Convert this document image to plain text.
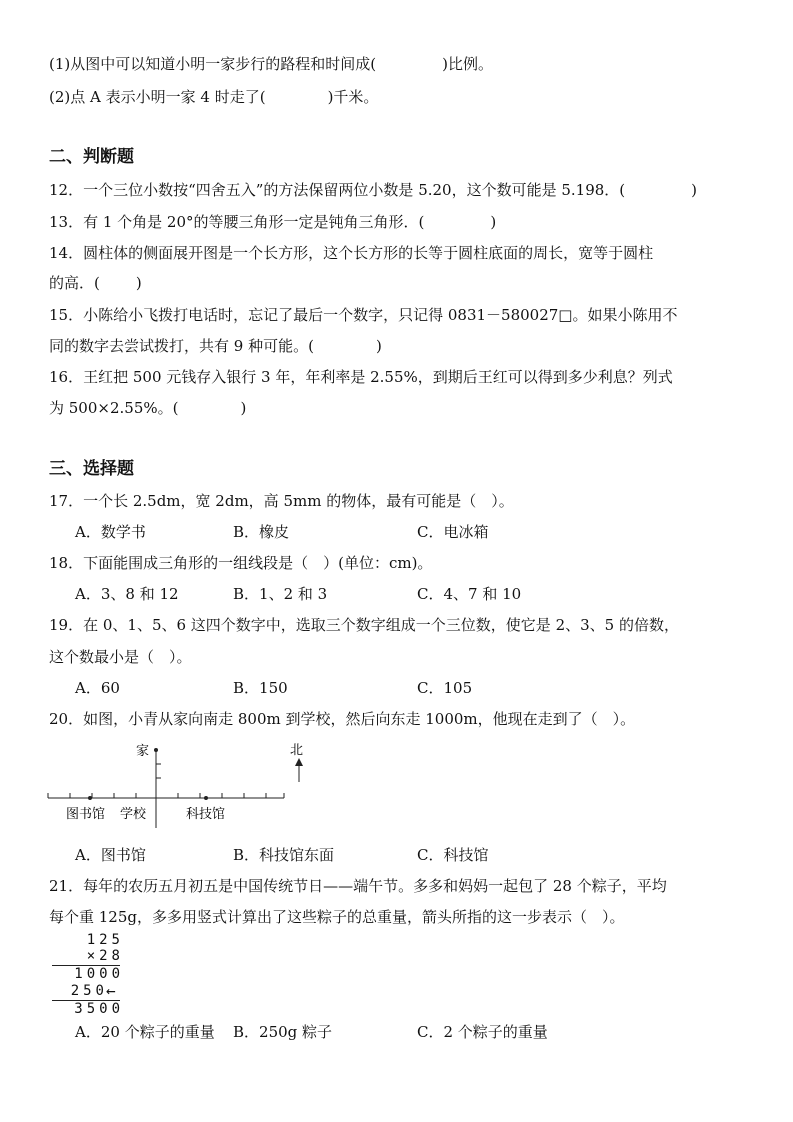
(1)从图中可以知道小明一家步行的路程和时间成(	)比例。
(2)点 A 表示小明一家 4 时走了(	)千米。
二、判断题
12．一个三位小数按“四舍五入”的方法保留两位小数是 5.20，这个数可能是 5.198．(	)
13．有 1 个角是 20°的等腰三角形一定是钝角三角形．(	)
14．圆柱体的侧面展开图是一个长方形，这个长方形的长等于圆柱底面的周长，宽等于圆柱
的高．( )
15．小陈给小飞拨打电话时，忘记了最后一个数字，只记得 0831－580027□。如果小陈用不
同的数字去尝试拨打，共有 9 种可能。(	)
16．王红把 500 元钱存入银行 3 年，年利率是 2.55%，到期后王红可以得到多少利息？列式
为 500×2.55%。(	)
三、选择题
17．一个长 2.5dm，宽 2dm，高 5mm 的物体，最有可能是（　）。
A．数学书	B．橡皮	C．电冰箱
18．下面能围成三角形的一组线段是（　）(单位：cm)。
A．3、8 和 12	B．1、2 和 3	C．4、7 和 10
19．在 0、1、5、6 这四个数字中，选取三个数字组成一个三位数，使它是 2、3、5 的倍数，
这个数最小是（　）。
A．60	B．150	C．105
20．如图，小青从家向南走 800m 到学校，然后向东走 1000m，他现在走到了（　）。
家	北
图书馆 学校	科技馆
A．图书馆	B．科技馆东面	C．科技馆
21．每年的农历五月初五是中国传统节日——端午节。多多和妈妈一起包了 28 个粽子，平均
每个重 125g，多多用竖式计算出了这些粽子的总重量，箭头所指的这一步表示（　）。
125
×28
1000
250
←
3500
A．20 个粽子的重量 B．250g 粽子	C．2 个粽子的重量
